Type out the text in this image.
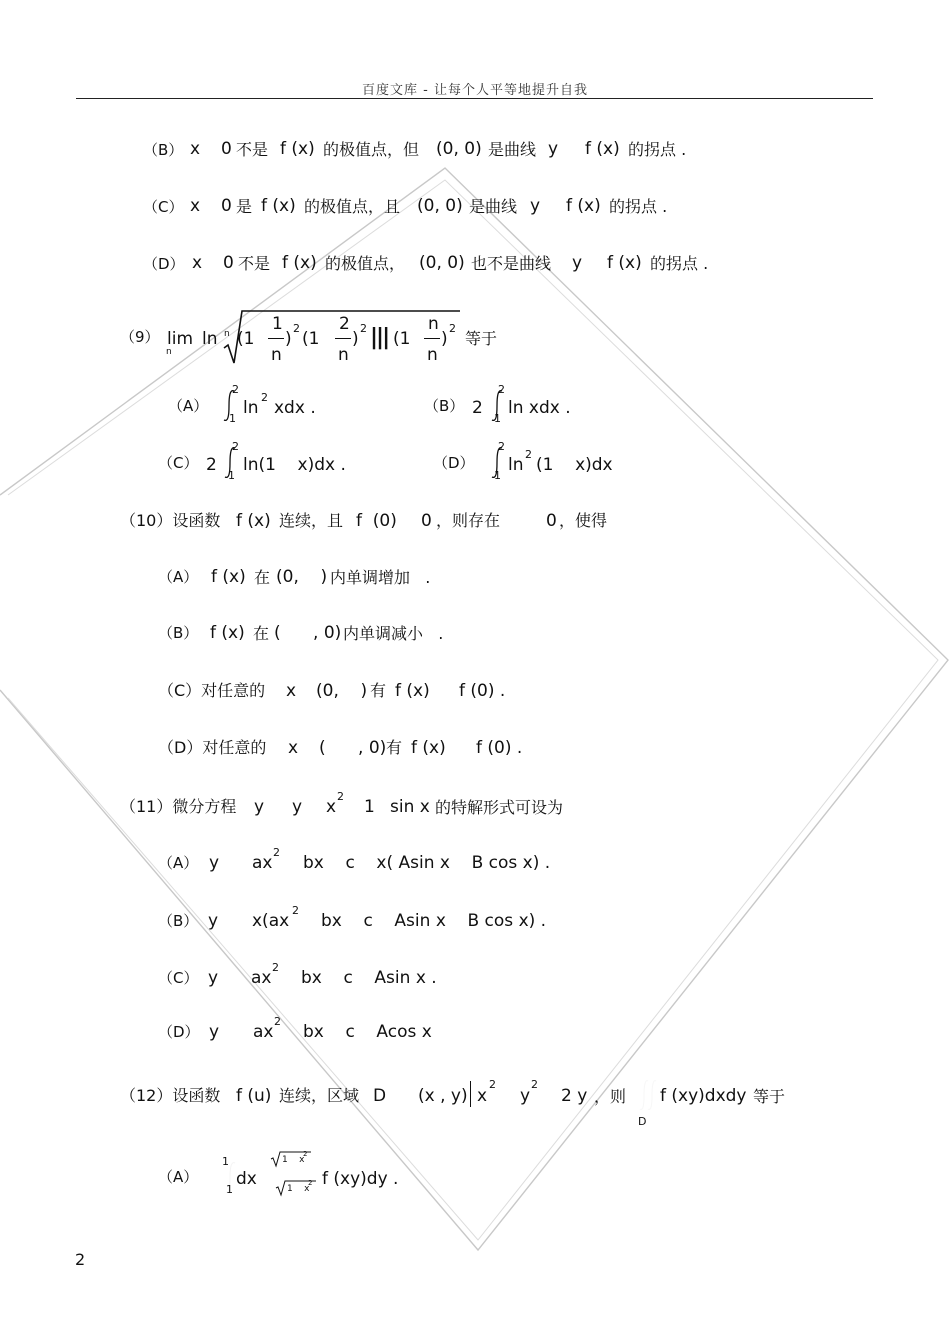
百度文库 - 让每个人平等地提升自我
（B） x 0 不是 f (x) 的极值点，但 (0, 0) 是曲线 y f (x) 的拐点 .
（C） x 0 是 f (x) 的极值点，且 (0, 0) 是曲线 y f (x) 的拐点 .
（D） x 0 不是 f (x) 的极值点， (0, 0) 也不是曲线 y f (x) 的拐点 .
（9） lim
n
ln n (1
1
n
)
2
(1
2
n
)
2 ||| (1
n
n
)
2
等于
（A）
2
1
ln
2
xdx .	（B） 2
2
1
ln xdx .
（C） 2
2
1
ln(1    x)dx .	（D）
2
1
ln
2
(1    x)dx
（10）设函数 f (x) 连续，且 f  (0) 0 ，则存在	0 ，使得
（A） f (x) 在 (0,    ) 内单调增加   .
（B） f (x) 在 (      , 0) 内单调减小   .
（C）对任意的 x (0,    ) 有 f (x) f (0) .
（D）对任意的 x (      , 0) 有 f (x) f (0) .
（11）微分方程 y y x
2
1 sin x 的特解形式可设为
（A） y ax
2
bx    c    x( Asin x    B cos x) .
（B） y x(ax
2
bx    c    Asin x    B cos x) .
（C） y ax
2
bx    c    Asin x .
（D） y ax
2
bx    c    Acos x
（12）设函数 f (u) 连续，区域 D (x , y) x
2
y
2
2 y ，则 f (xy)dxdy 等于
D
（A）
1
1
dx
1    x
2
1    x
2 f (xy)dy .
2
